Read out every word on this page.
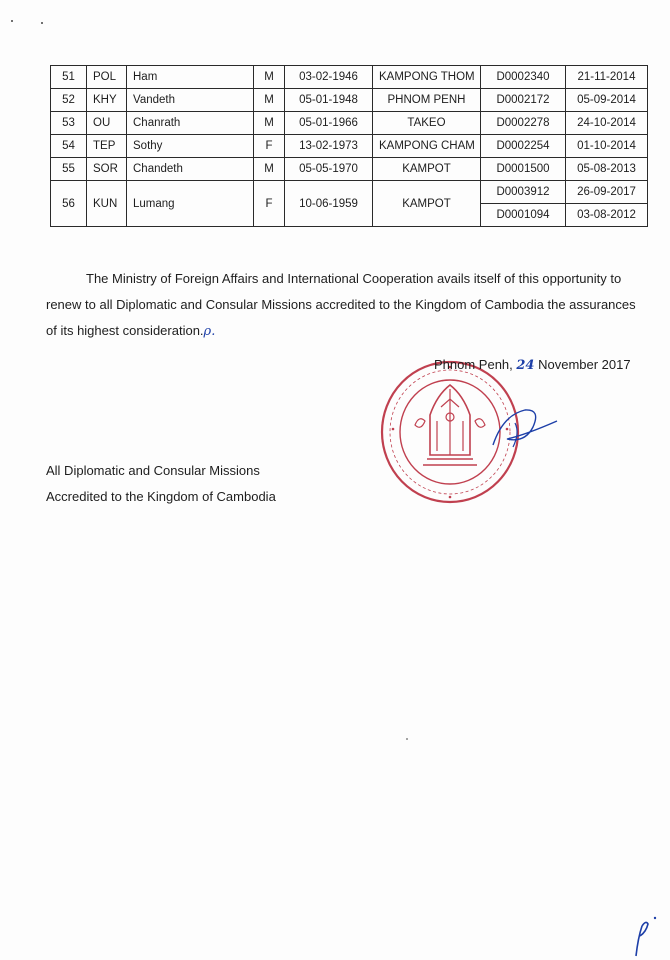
51	POL	Ham	M	03-02-1946	KAMPONG THOM	D0002340	21-11-2014
52	KHY	Vandeth	M	05-01-1948	PHNOM PENH	D0002172	05-09-2014
53	OU	Chanrath	M	05-01-1966	TAKEO	D0002278	24-10-2014
54	TEP	Sothy	F	13-02-1973	KAMPONG CHAM	D0002254	01-10-2014
55	SOR	Chandeth	M	05-05-1970	KAMPOT	D0001500	05-08-2013
56	KUN	Lumang	F	10-06-1959	KAMPOT	D0003912	26-09-2017
						D0001094	03-08-2012
The Ministry of Foreign Affairs and International Cooperation avails itself of this opportunity to renew to all Diplomatic and Consular Missions accredited to the Kingdom of Cambodia the assurances of its highest consideration.ρ.
Phnom Penh, 24 November 2017
All Diplomatic and Consular Missions
Accredited to the Kingdom of Cambodia
